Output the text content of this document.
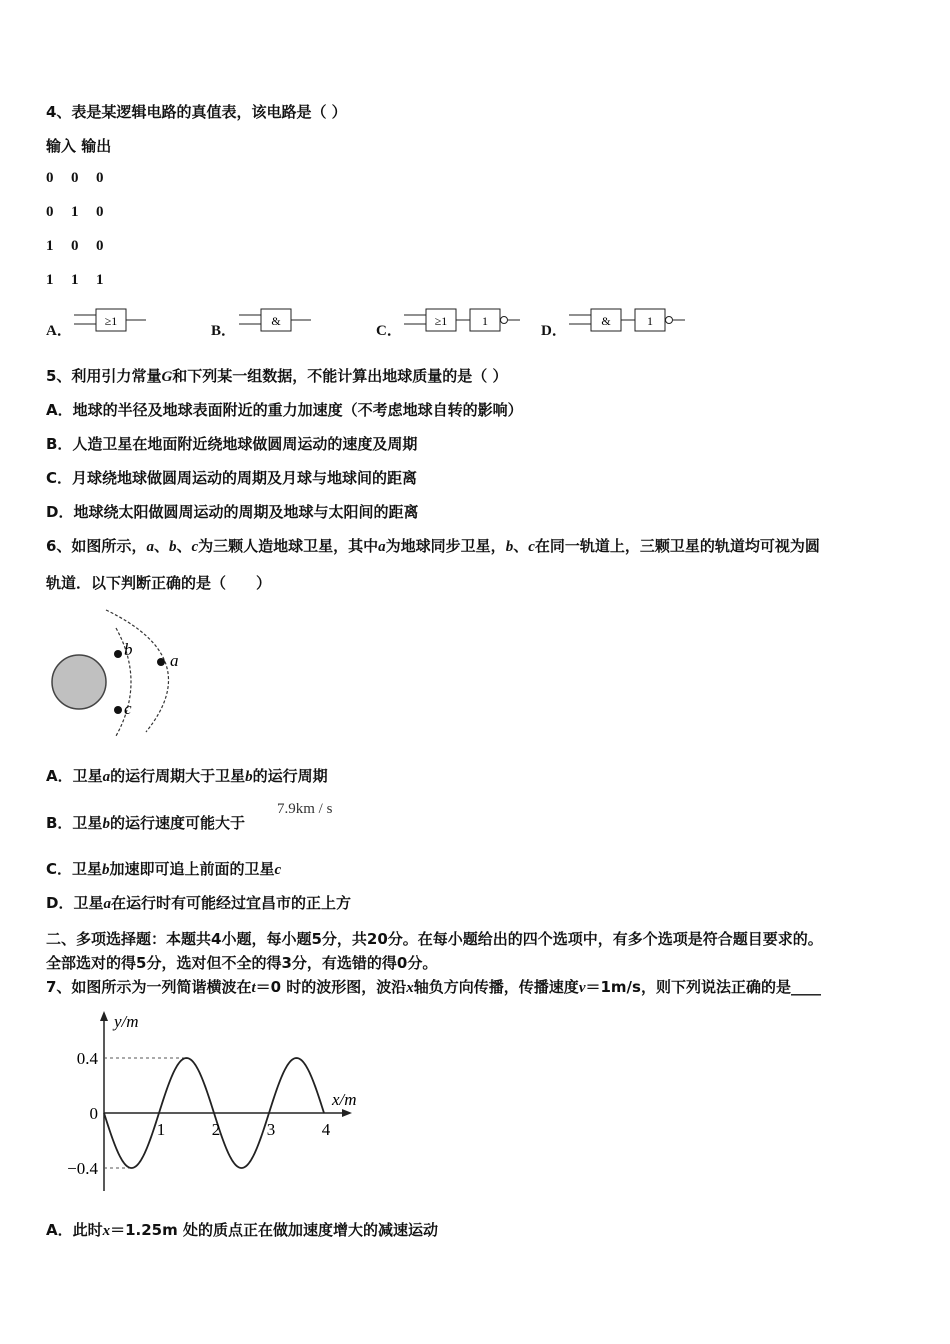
4、表是某逻辑电路的真值表，该电路是（ ）
输入 输出
0 0 0
0 1 0
1 0 0
1 1 1
A．
≥1
B．
&
C．
≥1	1
D．
&	1
5、利用引力常量G和下列某一组数据，不能计算出地球质量的是（ ）
A．地球的半径及地球表面附近的重力加速度（不考虑地球自转的影响）
B．人造卫星在地面附近绕地球做圆周运动的速度及周期
C．月球绕地球做圆周运动的周期及月球与地球间的距离
D．地球绕太阳做圆周运动的周期及地球与太阳间的距离
6、如图所示，a、b、c为三颗人造地球卫星，其中a为地球同步卫星，b、c在同一轨道上，三颗卫星的轨道均可视为圆
轨道．以下判断正确的是（　　）
b
c
a
A．卫星a的运行周期大于卫星b的运行周期
B．卫星b的运行速度可能大于
7.9km / s
C．卫星b加速即可追上前面的卫星c
D．卫星a在运行时有可能经过宜昌市的正上方
二、多项选择题：本题共4小题，每小题5分，共20分。在每小题给出的四个选项中，有多个选项是符合题目要求的。
全部选对的得5分，选对但不全的得3分，有选错的得0分。
7、如图所示为一列简谐横波在t＝0 时的波形图，波沿x轴负方向传播，传播速度v＝1m/s，则下列说法正确的是____
1	2	3	4
0.4
0
−0.4
x/m
y/m
A．此时x＝1.25m 处的质点正在做加速度增大的减速运动
